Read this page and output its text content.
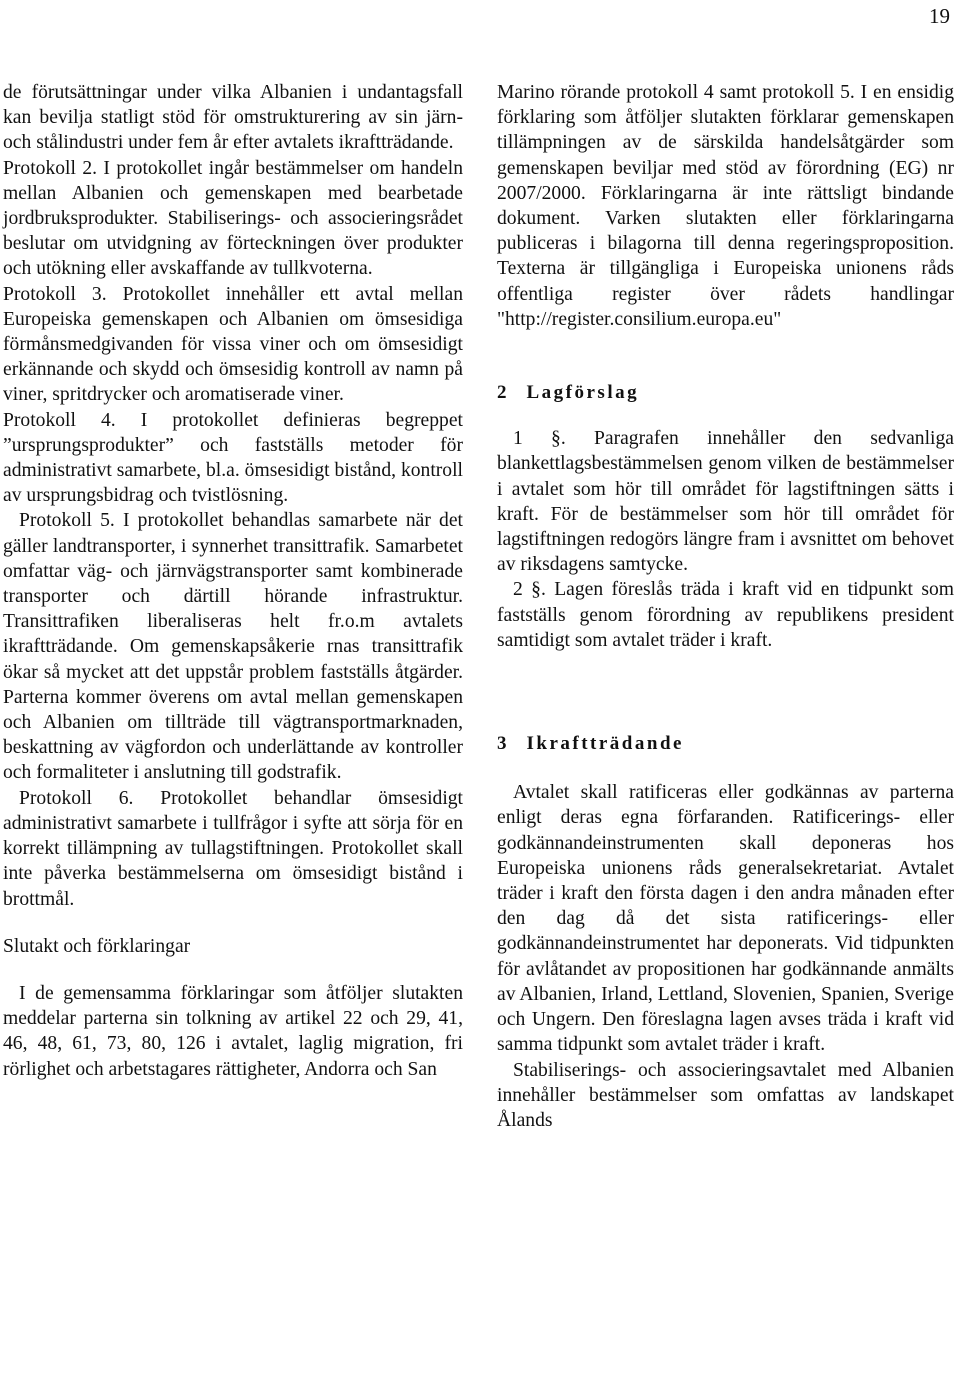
19

de förutsättningar under vilka Albanien i undantagsfall kan bevilja statligt stöd för omstrukturering av sin järn- och stålindustri under fem år efter avtalets ikraftträdande.

Protokoll 2. I protokollet ingår bestämmelser om handeln mellan Albanien och gemenskapen med bearbetade jordbruksprodukter. Stabiliserings- och associeringsrådet beslutar om utvidgning av förteckningen över produkter och utökning eller avskaffande av tullkvoterna.

Protokoll 3. Protokollet innehåller ett avtal mellan Europeiska gemenskapen och Albanien om ömsesidiga förmånsmedgivanden för vissa viner och om ömsesidigt erkännande och skydd och ömsesidig kontroll av namn på viner, spritdrycker och aromatiserade viner.

Protokoll 4. I protokollet definieras begreppet ”ursprungsprodukter” och fastställs metoder för administrativt samarbete, bl.a. ömsesidigt bistånd, kontroll av ursprungsbidrag och tvistlösning.

Protokoll 5. I protokollet behandlas samarbete när det gäller landtransporter, i synnerhet transittrafik. Samarbetet omfattar väg- och järnvägstransporter samt kombinerade transporter och därtill hörande infrastruktur. Transittrafiken liberaliseras helt fr.o.m avtalets ikraftträdande. Om gemenskapsåkerie rnas transittrafik ökar så mycket att det uppstår problem fastställs åtgärder. Parterna kommer överens om avtal mellan gemenskapen och Albanien om tillträde till vägtransportmarknaden, beskattning av vägfordon och underlättande av kontroller och formaliteter i anslutning till godstrafik.

Protokoll 6. Protokollet behandlar ömsesidigt administrativt samarbete i tullfrågor i syfte att sörja för en korrekt tillämpning av tullagstiftningen. Protokollet skall inte påverka bestämmelserna om ömsesidigt bistånd i brottmål.

Slutakt och förklaringar

I de gemensamma förklaringar som åtföljer slutakten meddelar parterna sin tolkning av artikel 22 och 29, 41, 46, 48, 61, 73, 80, 126 i avtalet, laglig migration, fri rörlighet och arbetstagares rättigheter, Andorra och San

Marino rörande protokoll 4 samt protokoll 5. I en ensidig förklaring som åtföljer slutakten förklarar gemenskapen tillämpningen av de särskilda handelsåtgärder som gemenskapen beviljar med stöd av förordning (EG) nr 2007/2000. Förklaringarna är inte rättsligt bindande dokument. Varken slutakten eller förklaringarna publiceras i bilagorna till denna regeringsproposition. Texterna är tillgängliga i Europeiska unionens råds offentliga register över rådets handlingar "http://register.consilium.europa.eu"

2 Lagförslag

1 §. Paragrafen innehåller den sedvanliga blankettlagsbestämmelsen genom vilken de bestämmelser i avtalet som hör till området för lagstiftningen sätts i kraft. För de bestämmelser som hör till området för lagstiftningen redogörs längre fram i avsnittet om behovet av riksdagens samtycke.

2 §. Lagen föreslås träda i kraft vid en tidpunkt som fastställs genom förordning av republikens president samtidigt som avtalet träder i kraft.

3 Ikraftträdande

Avtalet skall ratificeras eller godkännas av parterna enligt deras egna förfaranden. Ratificerings- eller godkännandeinstrumenten skall deponeras hos Europeiska unionens råds generalsekretariat. Avtalet träder i kraft den första dagen i den andra månaden efter den dag då det sista ratificerings- eller godkännandeinstrumentet har deponerats. Vid tidpunkten för avlåtandet av propositionen har godkännande anmälts av Albanien, Irland, Lettland, Slovenien, Spanien, Sverige och Ungern. Den föreslagna lagen avses träda i kraft vid samma tidpunkt som avtalet träder i kraft.

Stabiliserings- och associeringsavtalet med Albanien innehåller bestämmelser som omfattas av landskapet Ålands
